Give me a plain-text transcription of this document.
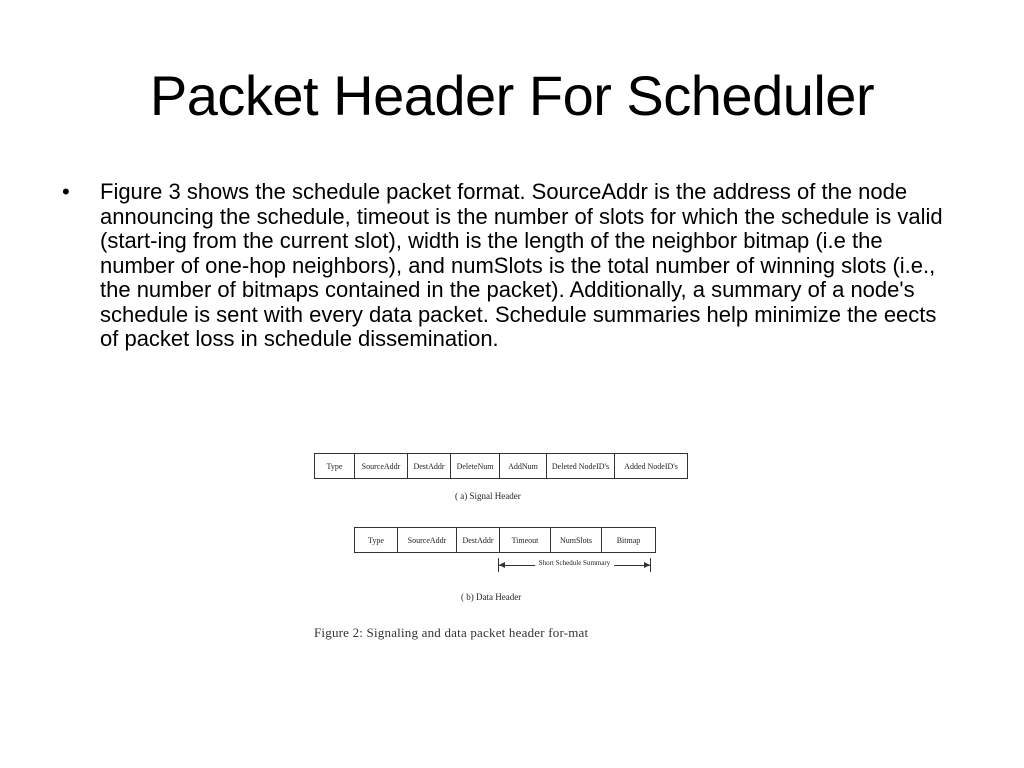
Packet Header For Scheduler
•	Figure 3 shows the schedule packet format. SourceAddr is the address of the node announcing the schedule, timeout is the number of slots for which the schedule is valid (start-ing from the current slot), width is the length of the neighbor bitmap (i.e the number of one-hop neighbors), and numSlots is the total number of winning slots (i.e., the number of bitmaps contained in the packet). Additionally, a summary of a node's schedule is sent with every data packet. Schedule summaries help minimize the eects of packet loss in schedule dissemination.
Type	SourceAddr	DestAddr	DeleteNum	AddNum	Deleted NodeID's	Added NodeID's
( a) Signal Header
Type	SourceAddr	DestAddr	Timeout	NumSlots	Bitmap
Short Schedule Summary
( b) Data Header
Figure 2: Signaling and data packet header for-mat
